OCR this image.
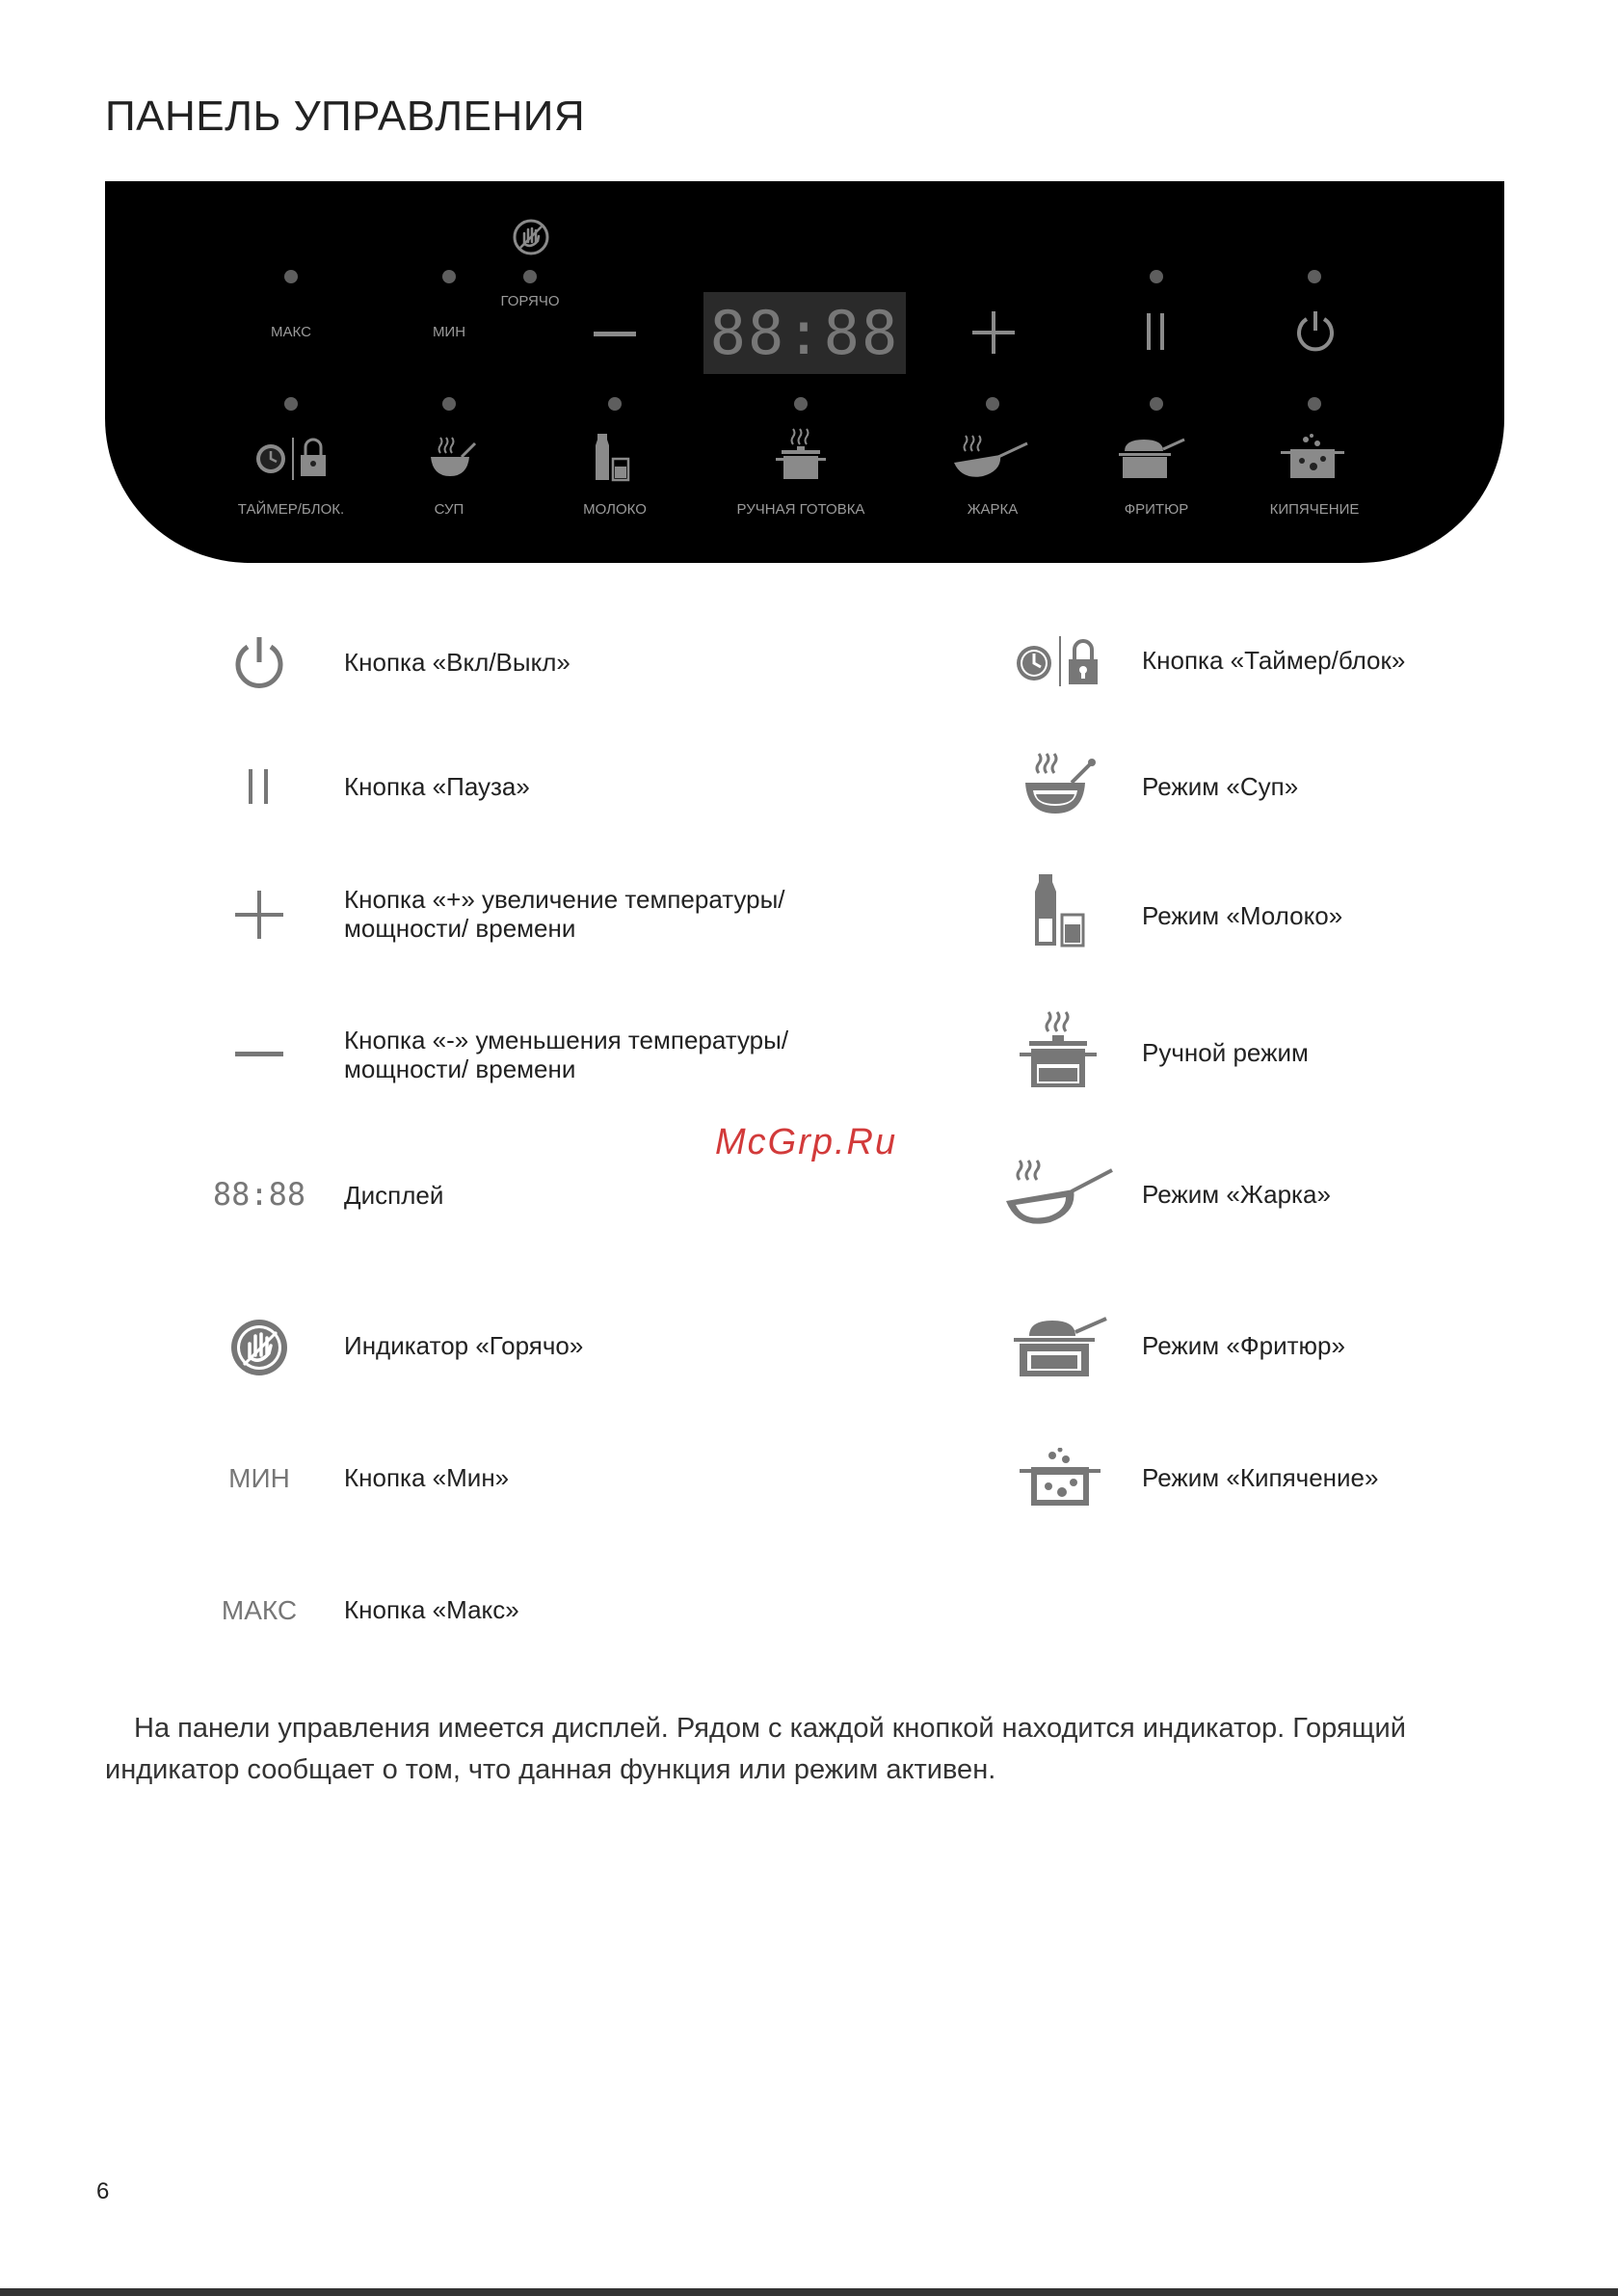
ПАНЕЛЬ УПРАВЛЕНИЯ
МАКС	МИН
ГОРЯЧО	88:88
ТАЙМЕР/БЛОК.	СУП	МОЛОКО	РУЧНАЯ ГОТОВКА	ЖАРКА	ФРИТЮР	КИПЯЧЕНИЕ
Кнопка «Вкл/Выкл»
Кнопка «Пауза»
Кнопка «+» увеличение температуры/
мощности/ времени
Кнопка «-» уменьшения температуры/
мощности/ времени
88:88	Дисплей
Индикатор «Горячо»
МИН	Кнопка «Мин»
МАКС	Кнопка «Макс»
Кнопка «Таймер/блок»
Режим «Суп»
Режим «Молоко»
Ручной режим
Режим «Жарка»
Режим «Фритюр»
Режим «Кипячение»
McGrp.Ru
На панели управления имеется дисплей. Рядом с каждой кнопкой находится индикатор. Горящий индикатор сообщает о том, что данная функция или режим активен.
6
